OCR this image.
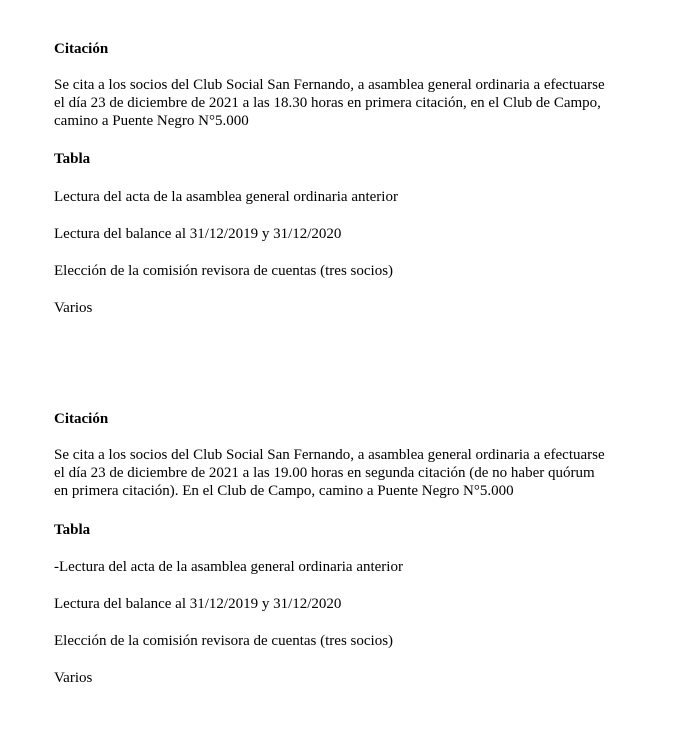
Citación

Se cita a los socios del Club Social San Fernando, a asamblea general ordinaria a efectuarse
el día 23 de diciembre de 2021 a las 18.30 horas en primera citación, en el Club de Campo,
camino a Puente Negro N°5.000

Tabla

Lectura del acta de la asamblea general ordinaria anterior

Lectura del balance al 31/12/2019 y 31/12/2020

Elección de la comisión revisora de cuentas (tres socios)

Varios

Citación

Se cita a los socios del Club Social San Fernando, a asamblea general ordinaria a efectuarse
el día 23 de diciembre de 2021 a las 19.00 horas en segunda citación (de no haber quórum
en primera citación). En el Club de Campo, camino a Puente Negro N°5.000

Tabla

-Lectura del acta de la asamblea general ordinaria anterior

Lectura del balance al 31/12/2019 y 31/12/2020

Elección de la comisión revisora de cuentas (tres socios)

Varios
